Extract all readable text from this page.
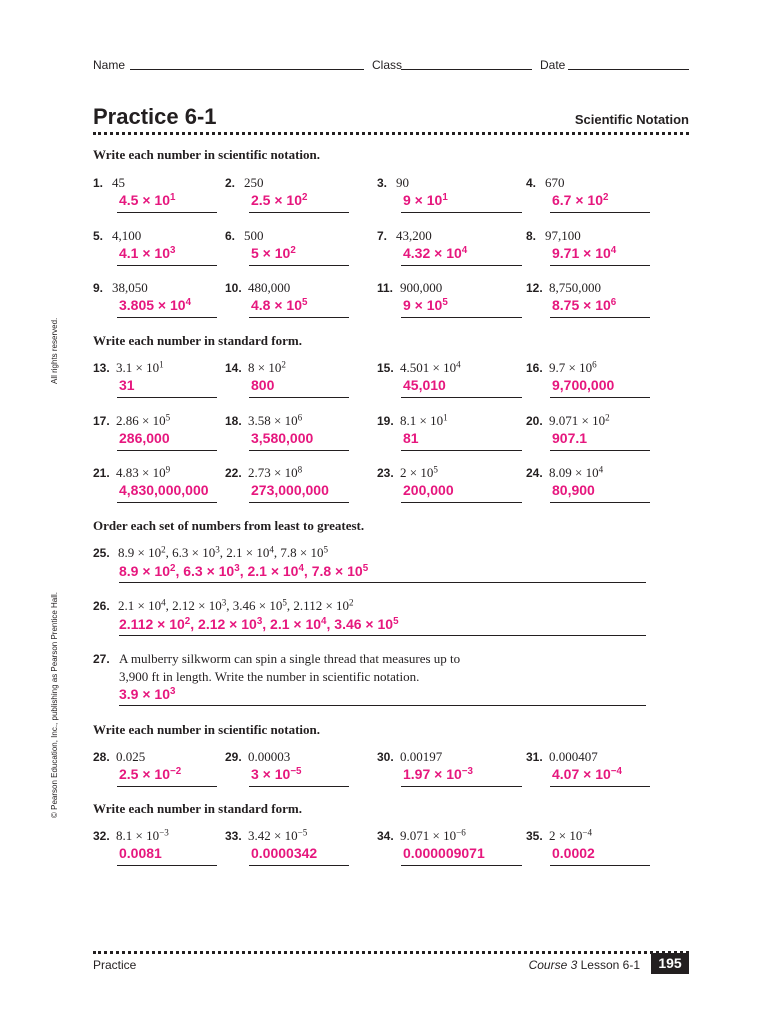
Name	Class	Date
Practice 6-1	Scientific Notation
All rights reserved.
© Pearson Education, Inc., publishing as Pearson Prentice Hall.
Write each number in scientific notation.
1. 45
$4.5 \times 10^1$
2. 250
$2.5 \times 10^2$
3. 90
$9 \times 10^1$
4. 670
$6.7 \times 10^2$
5. 4,100
$4.1 \times 10^3$
6. 500
$5 \times 10^2$
7. 43,200
$4.32 \times 10^4$
8. 97,100
$9.71 \times 10^4$
9. 38,050
$3.805 \times 10^4$
10. 480,000
$4.8 \times 10^5$
11. 900,000
$9 \times 10^5$
12. 8,750,000
$8.75 \times 10^6$
Write each number in standard form.
13. $3.1 \times 10^1$
31
14. $8 \times 10^2$
800
15. $4.501 \times 10^4$
45,010
16. $9.7 \times 10^6$
9,700,000
17. $2.86 \times 10^5$
286,000
18. $3.58 \times 10^6$
3,580,000
19. $8.1 \times 10^1$
81
20. $9.071 \times 10^2$
907.1
21. $4.83 \times 10^9$
4,830,000,000
22. $2.73 \times 10^8$
273,000,000
23. $2 \times 10^5$
200,000
24. $8.09 \times 10^4$
80,900
Order each set of numbers from least to greatest.
25. $8.9 \times 10^2$, $6.3 \times 10^3$, $2.1 \times 10^4$, $7.8 \times 10^5$
$8.9 \times 10^2$, $6.3 \times 10^3$, $2.1 \times 10^4$, $7.8 \times 10^5$
26. $2.1 \times 10^4$, $2.12 \times 10^3$, $3.46 \times 10^5$, $2.112 \times 10^2$
$2.112 \times 10^2$, $2.12 \times 10^3$, $2.1 \times 10^4$, $3.46 \times 10^5$
27. A mulberry silkworm can spin a single thread that measures up to
3,900 ft in length. Write the number in scientific notation.
$3.9 \times 10^3$
Write each number in scientific notation.
28. 0.025
$2.5 \times 10^{-2}$
29. 0.00003
$3 \times 10^{-5}$
30. 0.00197
$1.97 \times 10^{-3}$
31. 0.000407
$4.07 \times 10^{-4}$
Write each number in standard form.
32. $8.1 \times 10^{-3}$
0.0081
33. $3.42 \times 10^{-5}$
0.0000342
34. $9.071 \times 10^{-6}$
0.000009071
35. $2 \times 10^{-4}$
0.0002
Practice	Course 3 Lesson 6-1	195
